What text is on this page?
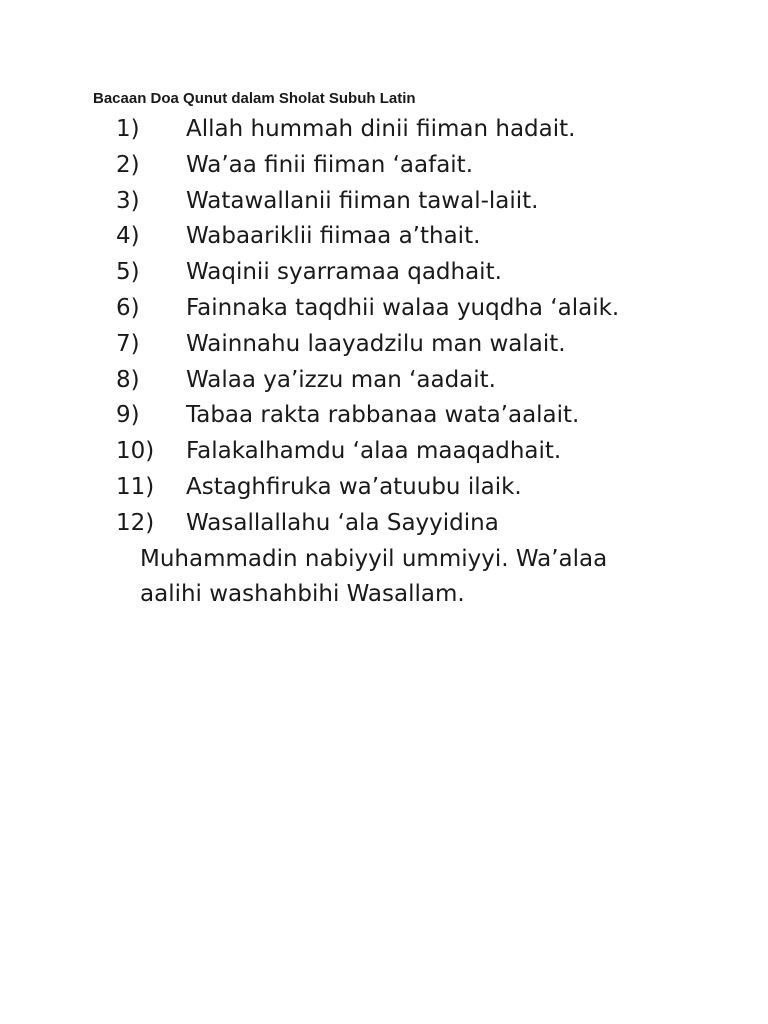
Bacaan Doa Qunut dalam Sholat Subuh Latin
1) Allah hummah dinii fiiman hadait.
2) Wa’aa finii fiiman ‘aafait.
3) Watawallanii fiiman tawal-laiit.
4) Wabaariklii fiimaa a’thait.
5) Waqinii syarramaa qadhait.
6) Fainnaka taqdhii walaa yuqdha ‘alaik.
7) Wainnahu laayadzilu man walait.
8) Walaa ya’izzu man ‘aadait.
9) Tabaa rakta rabbanaa wata’aalait.
10) Falakalhamdu ‘alaa maaqadhait.
11) Astaghfiruka wa’atuubu ilaik.
12) Wasallallahu ‘ala Sayyidina
Muhammadin nabiyyil ummiyyi. Wa’alaa
aalihi washahbihi Wasallam.
